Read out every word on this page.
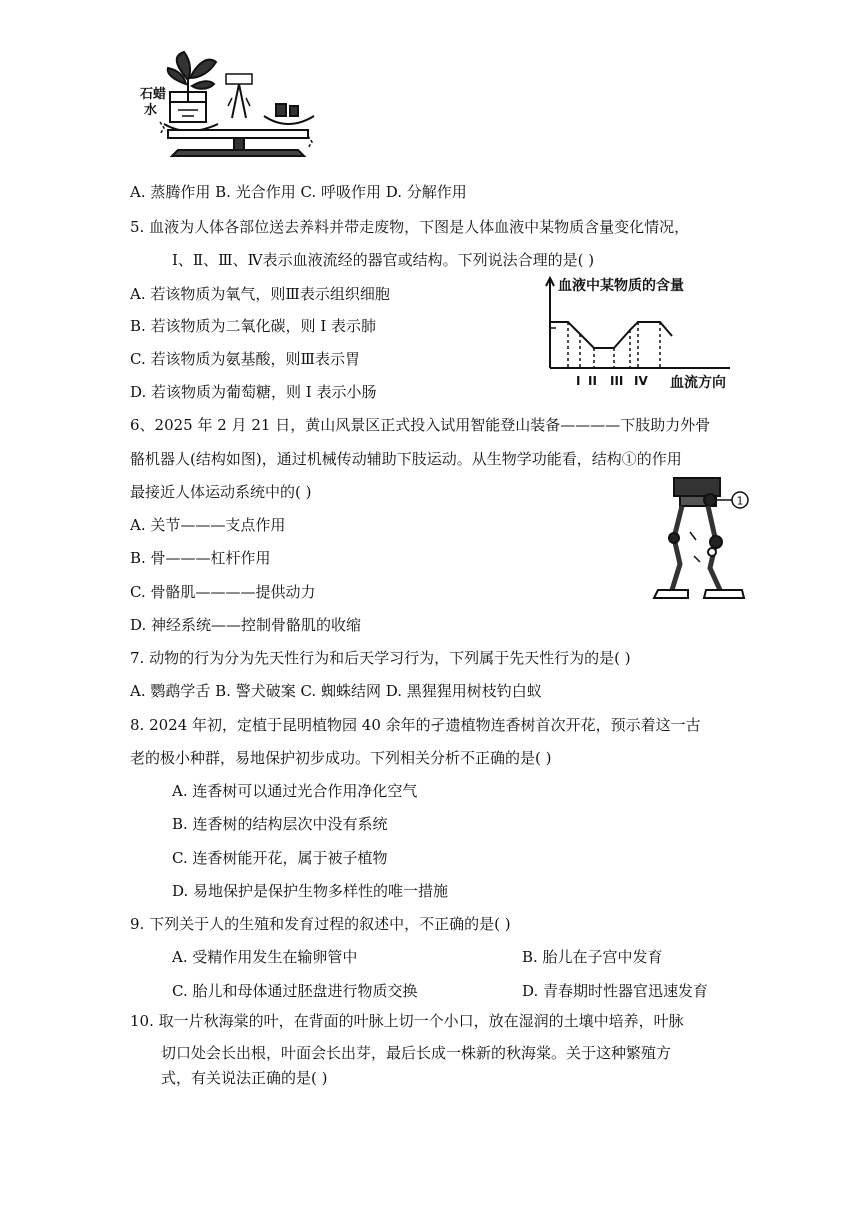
石蜡
水
A. 蒸腾作用 B. 光合作用 C. 呼吸作用 D. 分解作用
5. 血液为人体各部位送去养料并带走废物，下图是人体血液中某物质含量变化情况，
Ⅰ、Ⅱ、Ⅲ、Ⅳ表示血液流经的器官或结构。下列说法合理的是( )
A. 若该物质为氧气，则Ⅲ表示组织细胞
B. 若该物质为二氧化碳，则 I 表示肺
C. 若该物质为氨基酸，则Ⅲ表示胃
D. 若该物质为葡萄糖，则 I 表示小肠
血液中某物质的含量
I II III IV 血流方向
6、2025 年 2 月 21 日，黄山风景区正式投入试用智能登山装备————下肢助力外骨
骼机器人(结构如图)，通过机械传动辅助下肢运动。从生物学功能看，结构①的作用
最接近人体运动系统中的( )
A. 关节———支点作用
B. 骨———杠杆作用
C. 骨骼肌————提供动力
D. 神经系统——控制骨骼肌的收缩
1
7. 动物的行为分为先天性行为和后天学习行为，下列属于先天性行为的是( )
A. 鹦鹉学舌 B. 警犬破案 C. 蜘蛛结网 D. 黑猩猩用树枝钓白蚁
8. 2024 年初，定植于昆明植物园 40 余年的孑遗植物连香树首次开花，预示着这一古
老的极小种群，易地保护初步成功。下列相关分析不正确的是( )
A. 连香树可以通过光合作用净化空气
B. 连香树的结构层次中没有系统
C. 连香树能开花，属于被子植物
D. 易地保护是保护生物多样性的唯一措施
9. 下列关于人的生殖和发育过程的叙述中，不正确的是( )
A. 受精作用发生在输卵管中	B. 胎儿在子宫中发育
C. 胎儿和母体通过胚盘进行物质交换	D. 青春期时性器官迅速发育
10. 取一片秋海棠的叶，在背面的叶脉上切一个小口，放在湿润的土壤中培养，叶脉
切口处会长出根，叶面会长出芽，最后长成一株新的秋海棠。关于这种繁殖方
式，有关说法正确的是( )
